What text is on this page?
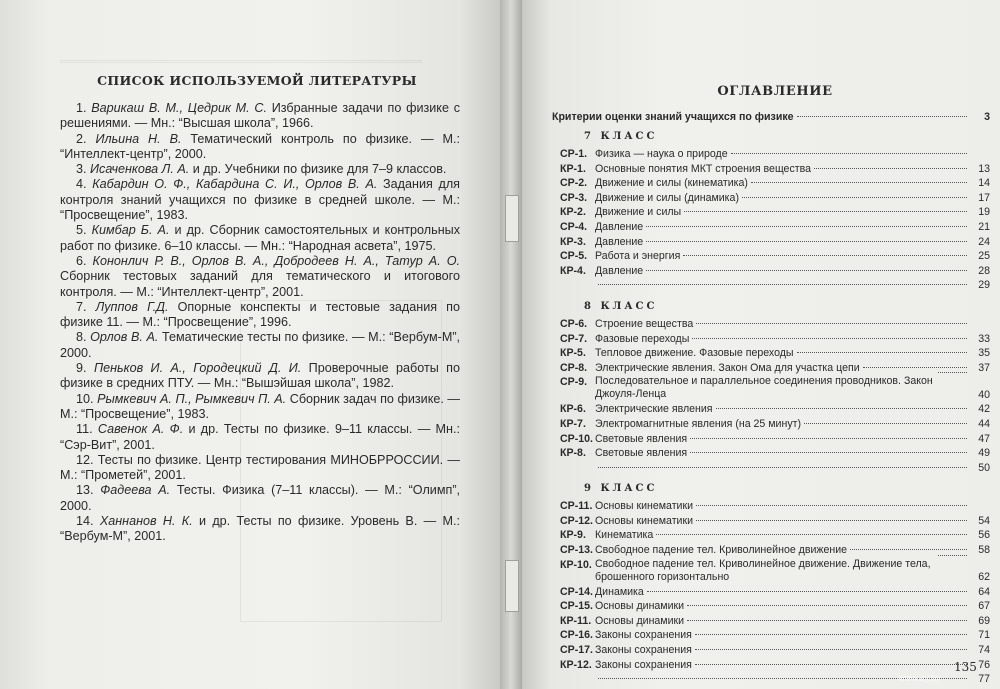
СПИСОК ИСПОЛЬЗУЕМОЙ ЛИТЕРАТУРЫ

1. Варикаш В. М., Цедрик М. С. Избранные задачи по физике с решениями. — Мн.: “Высшая школа”, 1966.

2. Ильина Н. В. Тематический контроль по физике. — М.: “Интеллект-центр”, 2000.

3. Исаченкова Л. А. и др. Учебники по физике для 7–9 классов.

4. Кабардин О. Ф., Кабардина С. И., Орлов В. А. Задания для контроля знаний учащихся по физике в средней школе. — М.: “Просвещение”, 1983.

5. Кимбар Б. А. и др. Сборник самостоятельных и контрольных работ по физике. 6–10 классы. — Мн.: “Народная асвета”, 1975.

6. Кононлич Р. В., Орлов В. А., Добродеев Н. А., Татур А. О. Сборник тестовых заданий для тематического и итогового контроля. — М.: “Интеллект-центр”, 2001.

7. Луппов Г.Д. Опорные конспекты и тестовые задания по физике 11. — М.: “Просвещение”, 1996.

8. Орлов В. А. Тематические тесты по физике. — М.: “Вербум-М”, 2000.

9. Пеньков И. А., Городецкий Д. И. Проверочные работы по физике в средних ПТУ. — Мн.: “Вышэйшая школа”, 1982.

10. Рымкевич А. П., Рымкевич П. А. Сборник задач по физике. — М.: “Просвещение”, 1983.

11. Савенок А. Ф. и др. Тесты по физике. 9–11 классы. — Мн.: “Сэр-Вит”, 2001.

12. Тесты по физике. Центр тестирования МИНОБРРОССИИ. — М.: “Прометей”, 2001.

13. Фадеева А. Тесты. Физика (7–11 классы). — М.: “Олимп”, 2000.

14. Ханнанов Н. К. и др. Тесты по физике. Уровень В. — М.: “Вербум-М”, 2001.

ОГЛАВЛЕНИЕ
Критерии оценки знаний учащихся по физике	3
7 КЛАСС
СР-1. Физика — наука о природе
КР-1. Основные понятия МКТ строения вещества	13
СР-2. Движение и силы (кинематика)	14
СР-3. Движение и силы (динамика)	17
КР-2. Движение и силы	19
СР-4. Давление	21
КР-3. Давление	24
СР-5. Работа и энергия	25
КР-4. Давление	28
29
8 КЛАСС
СР-6. Строение вещества
СР-7. Фазовые переходы	33
КР-5. Тепловое движение. Фазовые переходы	35
СР-8. Электрические явления. Закон Ома для участка цепи	37
СР-9. Последовательное и параллельное соединения проводников. Закон Джоуля-Ленца	40
КР-6. Электрические явления	42
КР-7. Электромагнитные явления (на 25 минут)	44
СР-10. Световые явления	47
КР-8. Световые явления	49
50
9 КЛАСС
СР-11. Основы кинематики
СР-12. Основы кинематики	54
КР-9. Кинематика	56
СР-13. Свободное падение тел. Криволинейное движение	58
КР-10. Свободное падение тел. Криволинейное движение. Движение тела, брошенного горизонтально	62
СР-14. Динамика	64
СР-15. Основы динамики	67
КР-11. Основы динамики	69
СР-16. Законы сохранения	71
СР-17. Законы сохранения	74
КР-12. Законы сохранения	76
77
135
www.ay.by
